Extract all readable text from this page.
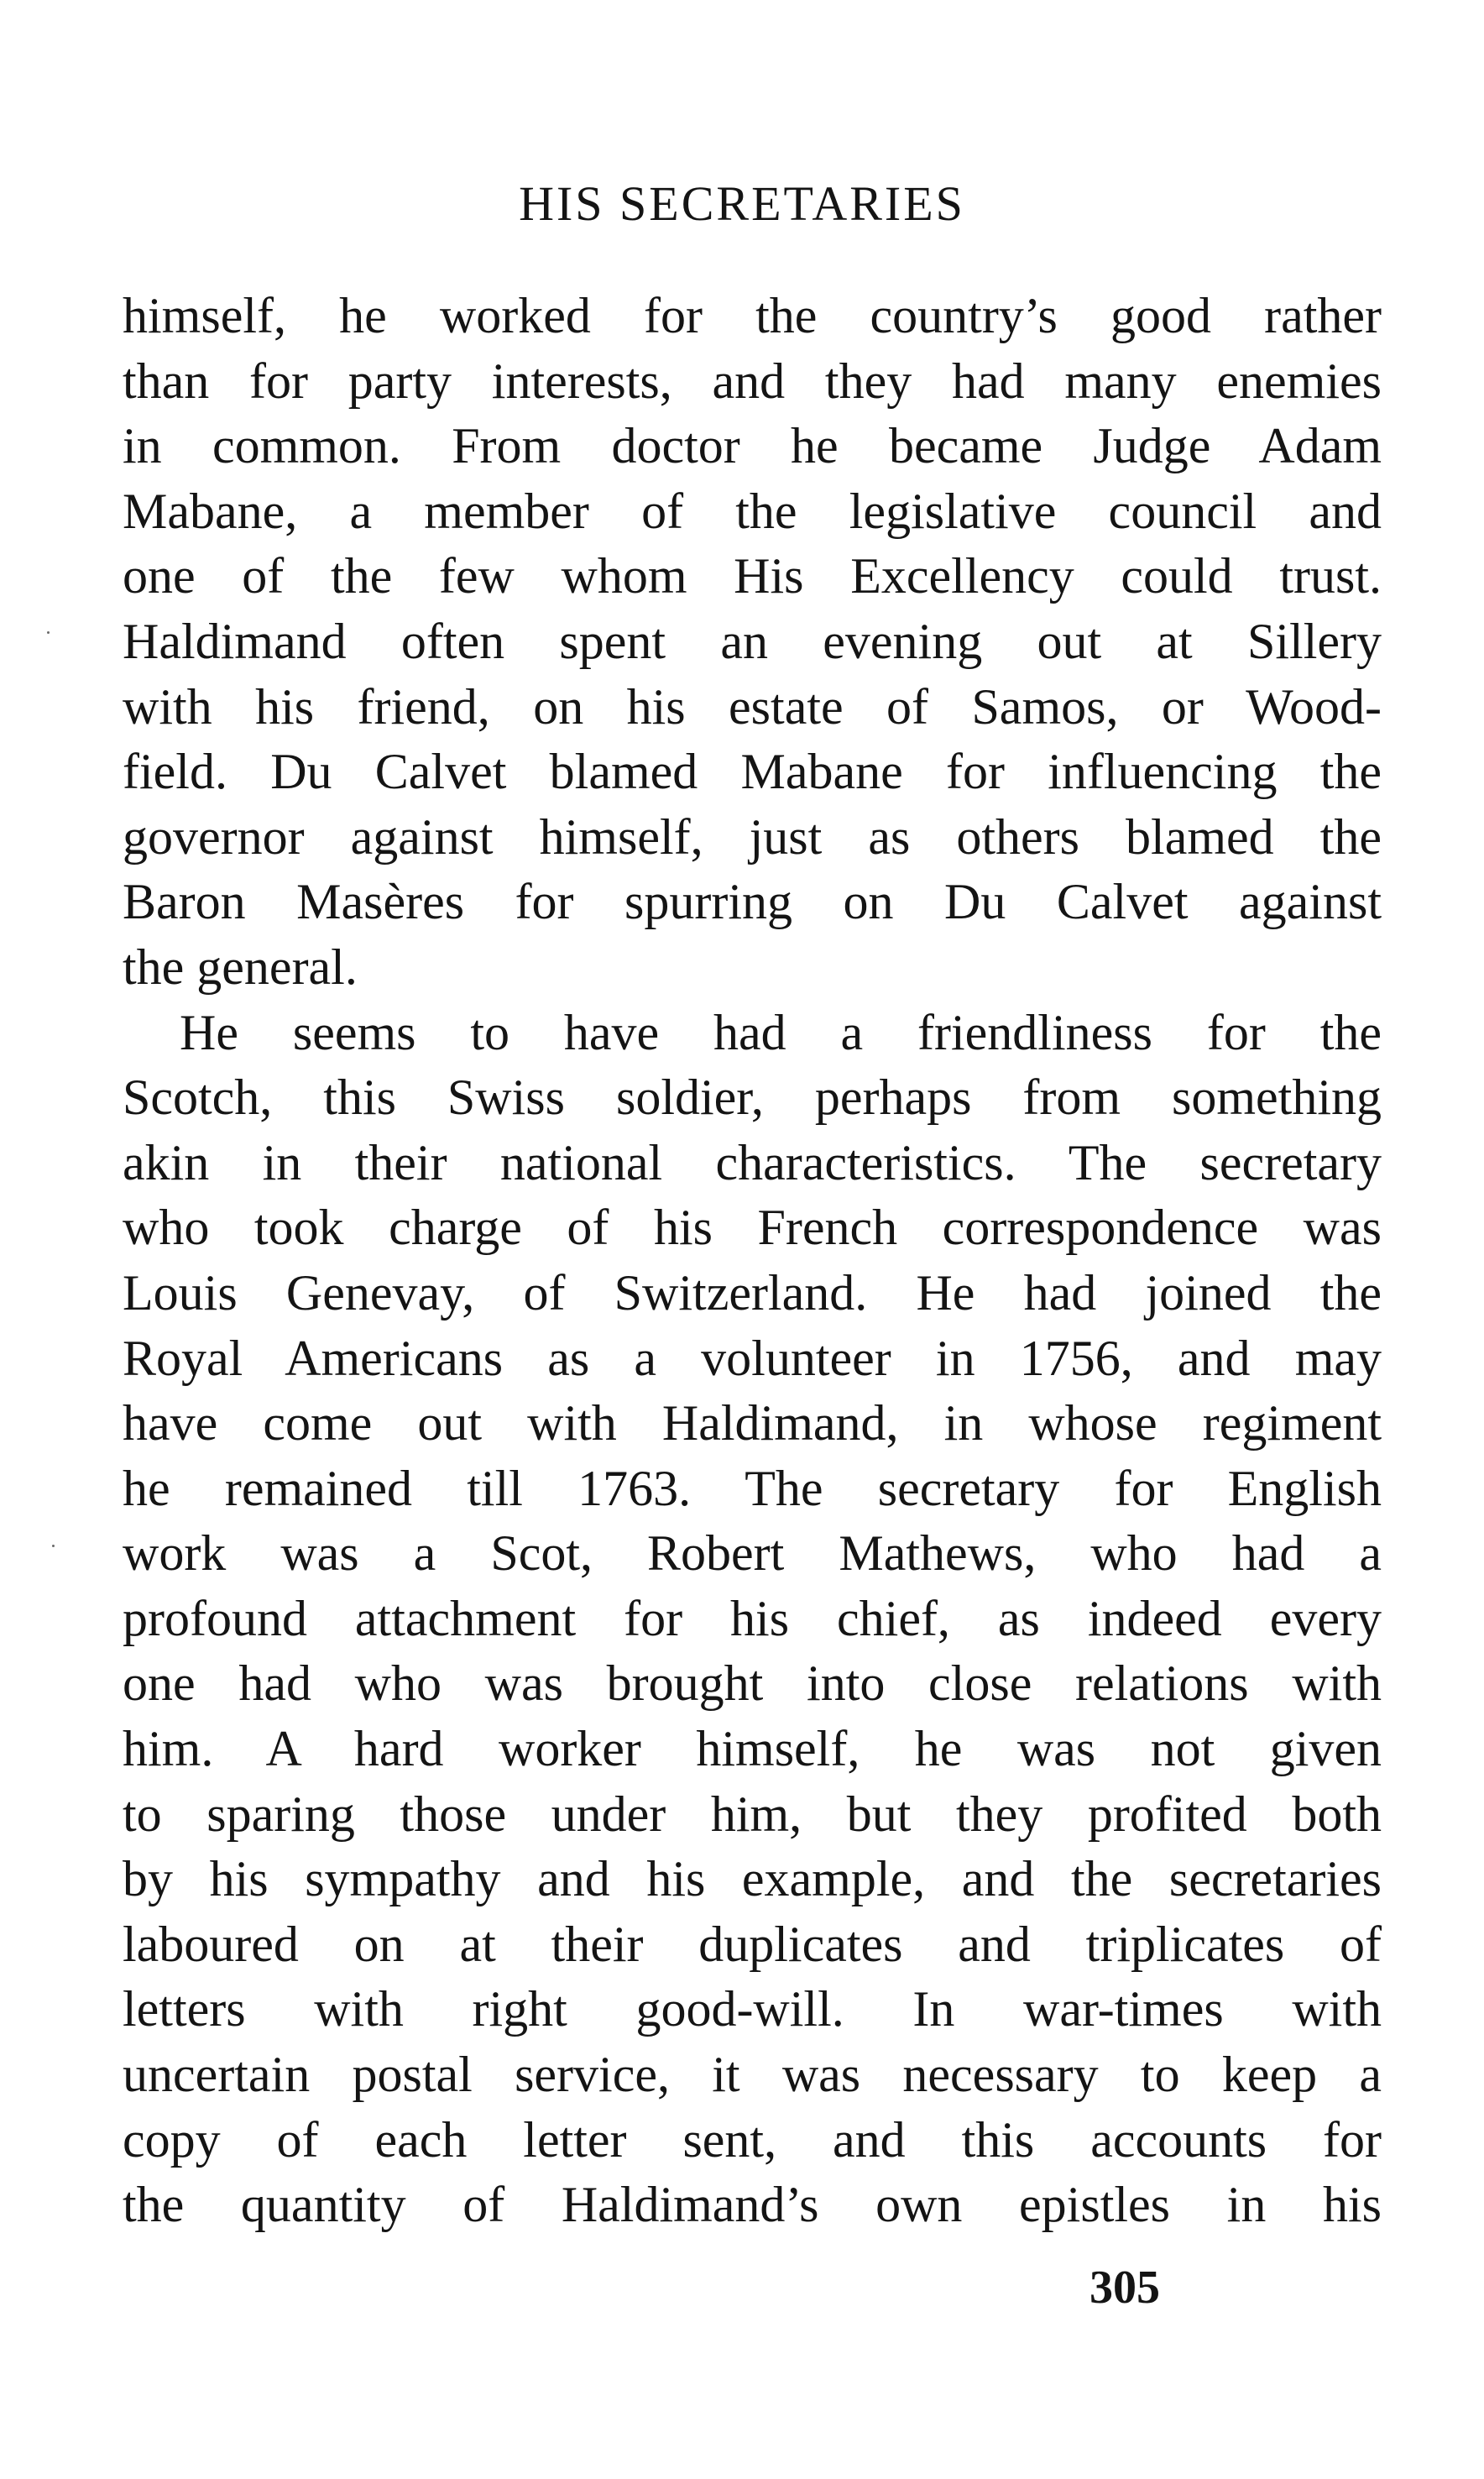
HIS SECRETARIES
himself, he worked for the country’s good rather
than for party interests, and they had many enemies
in common. From doctor he became Judge Adam
Mabane, a member of the legislative council and
one of the few whom His Excellency could trust.
Haldimand often spent an evening out at Sillery
with his friend, on his estate of Samos, or Wood-
field. Du Calvet blamed Mabane for influencing the
governor against himself, just as others blamed the
Baron Masères for spurring on Du Calvet against
the general.
He seems to have had a friendliness for the
Scotch, this Swiss soldier, perhaps from something
akin in their national characteristics. The secretary
who took charge of his French correspondence was
Louis Genevay, of Switzerland. He had joined the
Royal Americans as a volunteer in 1756, and may
have come out with Haldimand, in whose regiment
he remained till 1763. The secretary for English
work was a Scot, Robert Mathews, who had a
profound attachment for his chief, as indeed every
one had who was brought into close relations with
him. A hard worker himself, he was not given
to sparing those under him, but they profited both
by his sympathy and his example, and the secretaries
laboured on at their duplicates and triplicates of
letters with right good-will. In war-times with
uncertain postal service, it was necessary to keep a
copy of each letter sent, and this accounts for
the quantity of Haldimand’s own epistles in his
305
